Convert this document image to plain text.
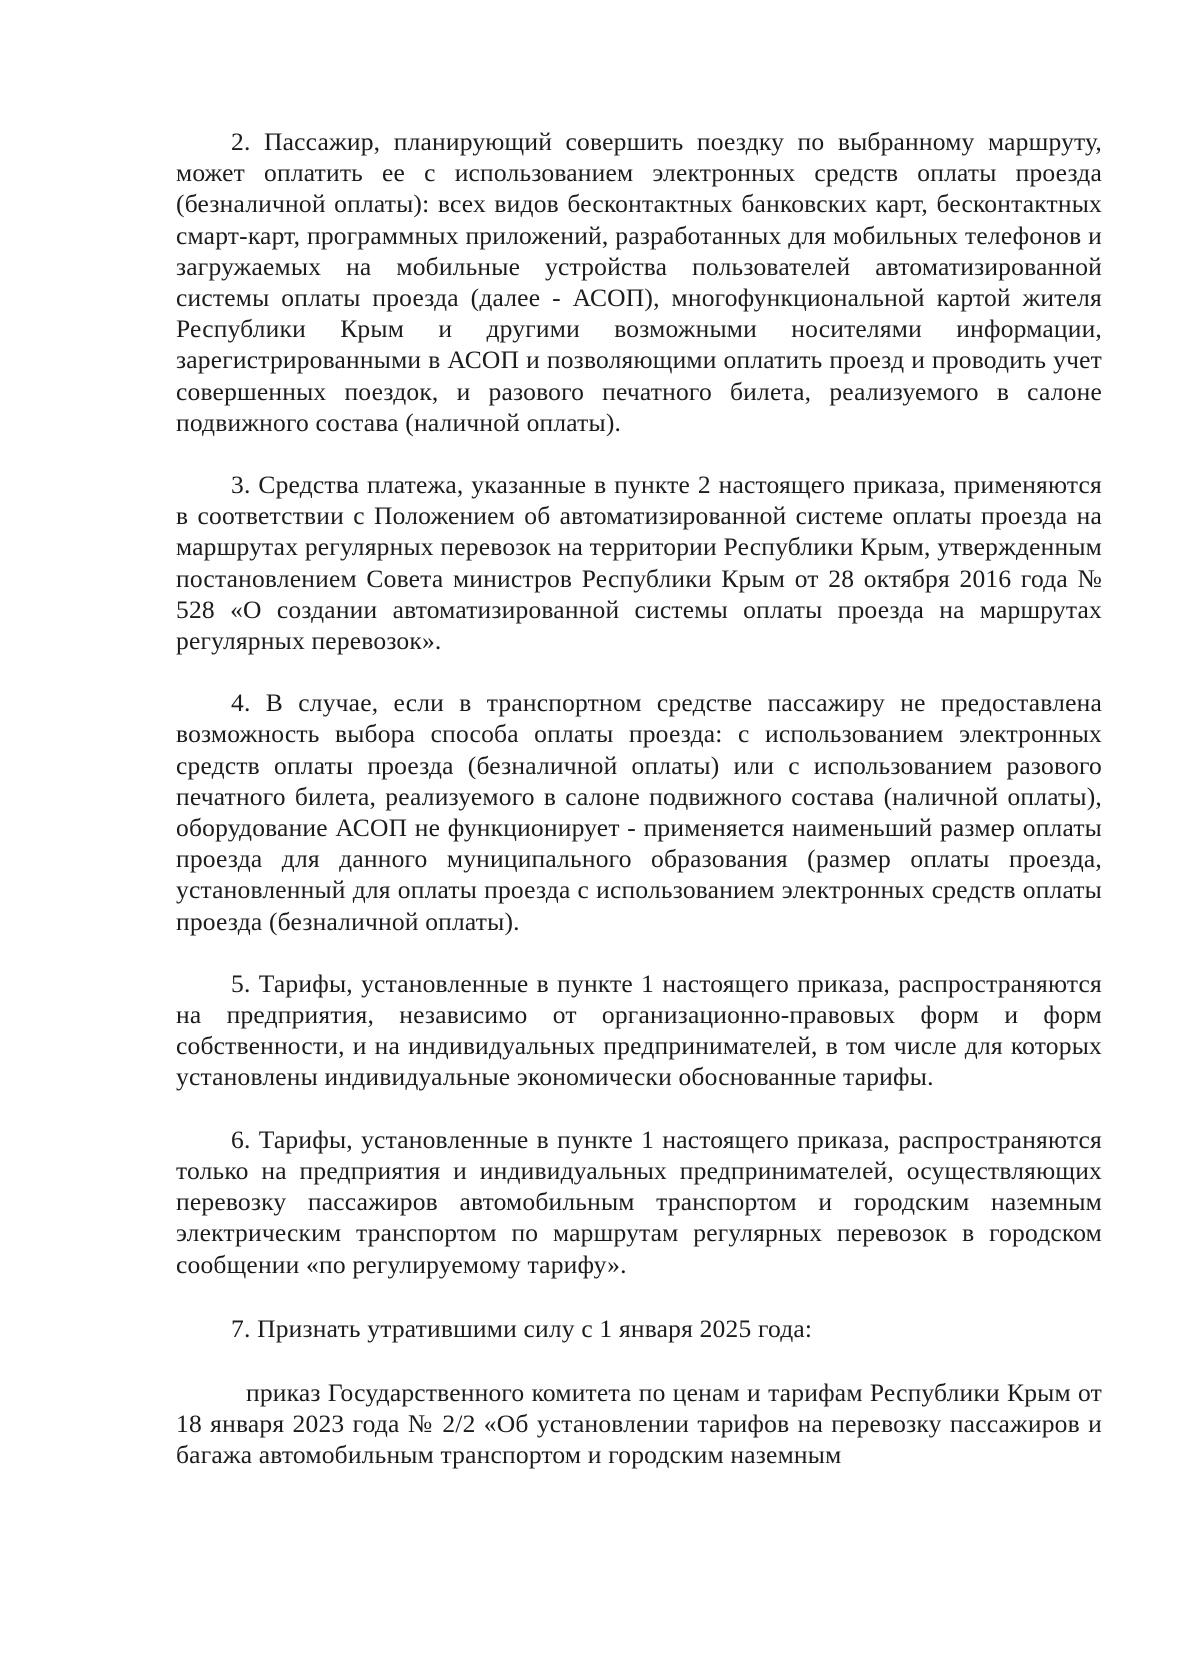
2. Пассажир, планирующий совершить поездку по выбранному маршруту, может оплатить ее с использованием электронных средств оплаты проезда (безналичной оплаты): всех видов бесконтактных банковских карт, бесконтактных смарт-карт, программных приложений, разработанных для мобильных телефонов и загружаемых на мобильные устройства пользователей автоматизированной системы оплаты проезда (далее - АСОП), многофункциональной картой жителя Республики Крым и другими возможными носителями информации, зарегистрированными в АСОП и позволяющими оплатить проезд и проводить учет совершенных поездок, и разового печатного билета, реализуемого в салоне подвижного состава (наличной оплаты).

3. Средства платежа, указанные в пункте 2 настоящего приказа, применяются в соответствии с Положением об автоматизированной системе оплаты проезда на маршрутах регулярных перевозок на территории Республики Крым, утвержденным постановлением Совета министров Республики Крым от 28 октября 2016 года № 528 «О создании автоматизированной системы оплаты проезда на маршрутах регулярных перевозок».

4. В случае, если в транспортном средстве пассажиру не предоставлена возможность выбора способа оплаты проезда: с использованием электронных средств оплаты проезда (безналичной оплаты) или с использованием разового печатного билета, реализуемого в салоне подвижного состава (наличной оплаты), оборудование АСОП не функционирует - применяется наименьший размер оплаты проезда для данного муниципального образования (размер оплаты проезда, установленный для оплаты проезда с использованием электронных средств оплаты проезда (безналичной оплаты).

5. Тарифы, установленные в пункте 1 настоящего приказа, распространяются на предприятия, независимо от организационно-правовых форм и форм собственности, и на индивидуальных предпринимателей, в том числе для которых установлены индивидуальные экономически обоснованные тарифы.

6. Тарифы, установленные в пункте 1 настоящего приказа, распространяются только на предприятия и индивидуальных предпринимателей, осуществляющих перевозку пассажиров автомобильным транспортом и городским наземным электрическим транспортом по маршрутам регулярных перевозок в городском сообщении «по регулируемому тарифу».

7. Признать утратившими силу с 1 января 2025 года:

приказ Государственного комитета по ценам и тарифам Республики Крым от 18 января 2023 года № 2/2 «Об установлении тарифов на перевозку пассажиров и багажа автомобильным транспортом и городским наземным
